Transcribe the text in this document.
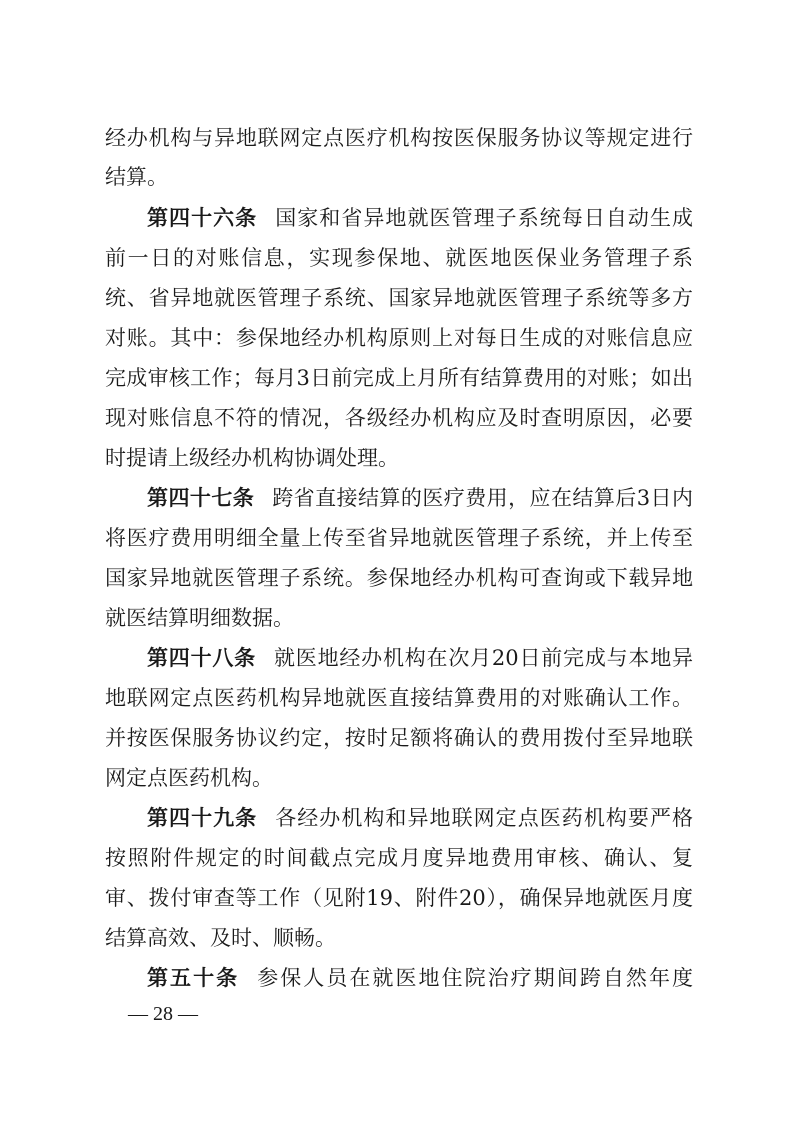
经办机构与异地联网定点医疗机构按医保服务协议等规定进行
结算。
第四十六条 国家和省异地就医管理子系统每日自动生成
前一日的对账信息，实现参保地、就医地医保业务管理子系
统、省异地就医管理子系统、国家异地就医管理子系统等多方
对账。其中：参保地经办机构原则上对每日生成的对账信息应
完成审核工作；每月3日前完成上月所有结算费用的对账；如出
现对账信息不符的情况，各级经办机构应及时查明原因，必要
时提请上级经办机构协调处理。
第四十七条 跨省直接结算的医疗费用，应在结算后3日内
将医疗费用明细全量上传至省异地就医管理子系统，并上传至
国家异地就医管理子系统。参保地经办机构可查询或下载异地
就医结算明细数据。
第四十八条 就医地经办机构在次月20日前完成与本地异
地联网定点医药机构异地就医直接结算费用的对账确认工作。
并按医保服务协议约定，按时足额将确认的费用拨付至异地联
网定点医药机构。
第四十九条 各经办机构和异地联网定点医药机构要严格
按照附件规定的时间截点完成月度异地费用审核、确认、复
审、拨付审查等工作（见附19、附件20），确保异地就医月度
结算高效、及时、顺畅。
第五十条 参保人员在就医地住院治疗期间跨自然年度
— 28 —
